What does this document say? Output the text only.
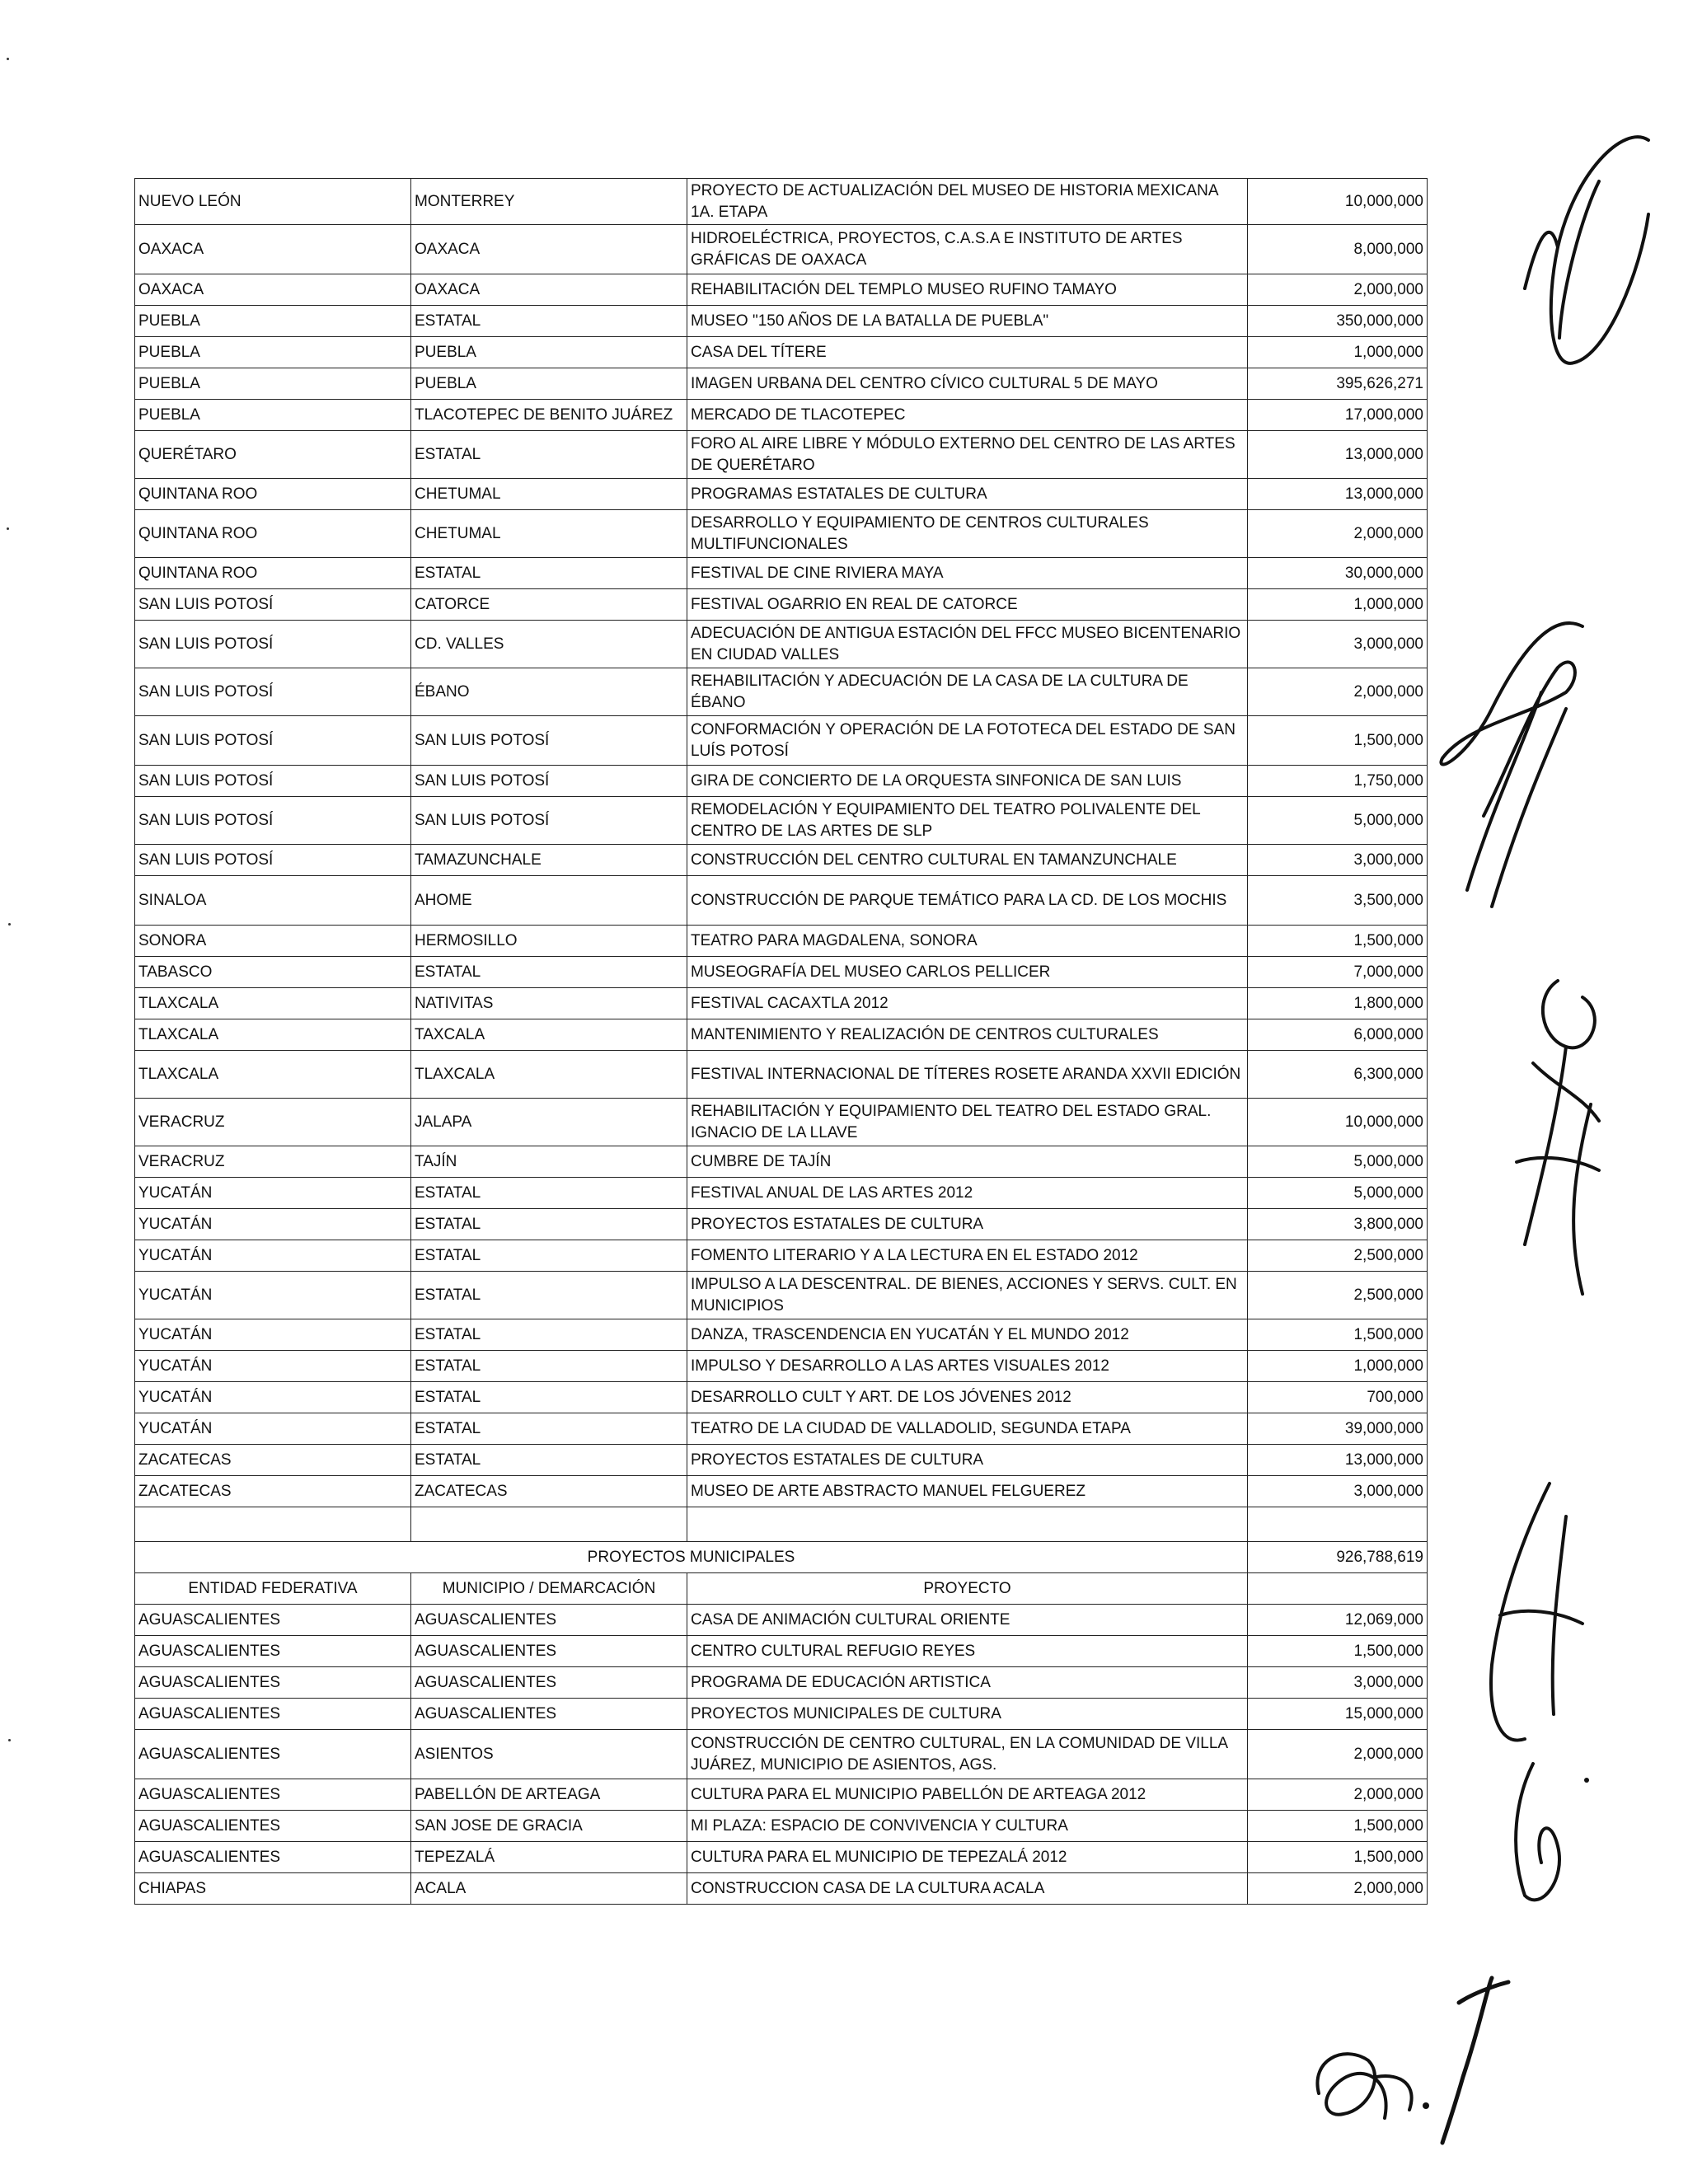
NUEVO LEÓN	MONTERREY	PROYECTO DE ACTUALIZACIÓN DEL MUSEO DE HISTORIA MEXICANA 1A. ETAPA	10,000,000
OAXACA	OAXACA	HIDROELÉCTRICA, PROYECTOS, C.A.S.A E INSTITUTO DE ARTES GRÁFICAS DE OAXACA	8,000,000
OAXACA	OAXACA	REHABILITACIÓN DEL TEMPLO MUSEO RUFINO TAMAYO	2,000,000
PUEBLA	ESTATAL	MUSEO "150 AÑOS DE LA BATALLA DE PUEBLA"	350,000,000
PUEBLA	PUEBLA	CASA DEL TÍTERE	1,000,000
PUEBLA	PUEBLA	IMAGEN URBANA DEL CENTRO CÍVICO CULTURAL 5 DE MAYO	395,626,271
PUEBLA	TLACOTEPEC DE BENITO JUÁREZ	MERCADO DE TLACOTEPEC	17,000,000
QUERÉTARO	ESTATAL	FORO AL AIRE LIBRE Y MÓDULO EXTERNO DEL CENTRO DE LAS ARTES DE QUERÉTARO	13,000,000
QUINTANA ROO	CHETUMAL	PROGRAMAS ESTATALES DE CULTURA	13,000,000
QUINTANA ROO	CHETUMAL	DESARROLLO Y EQUIPAMIENTO DE CENTROS CULTURALES MULTIFUNCIONALES	2,000,000
QUINTANA ROO	ESTATAL	FESTIVAL DE CINE RIVIERA MAYA	30,000,000
SAN LUIS POTOSÍ	CATORCE	FESTIVAL OGARRIO EN REAL DE CATORCE	1,000,000
SAN LUIS POTOSÍ	CD. VALLES	ADECUACIÓN DE ANTIGUA ESTACIÓN DEL FFCC MUSEO BICENTENARIO EN CIUDAD VALLES	3,000,000
SAN LUIS POTOSÍ	ÉBANO	REHABILITACIÓN Y ADECUACIÓN DE LA CASA DE LA CULTURA DE ÉBANO	2,000,000
SAN LUIS POTOSÍ	SAN LUIS POTOSÍ	CONFORMACIÓN Y OPERACIÓN DE LA FOTOTECA DEL ESTADO DE SAN LUÍS POTOSÍ	1,500,000
SAN LUIS POTOSÍ	SAN LUIS POTOSÍ	GIRA DE CONCIERTO DE LA ORQUESTA SINFONICA DE SAN LUIS	1,750,000
SAN LUIS POTOSÍ	SAN LUIS POTOSÍ	REMODELACIÓN Y EQUIPAMIENTO DEL TEATRO POLIVALENTE DEL CENTRO DE LAS ARTES DE SLP	5,000,000
SAN LUIS POTOSÍ	TAMAZUNCHALE	CONSTRUCCIÓN DEL CENTRO CULTURAL EN TAMANZUNCHALE	3,000,000
SINALOA	AHOME	CONSTRUCCIÓN DE PARQUE TEMÁTICO PARA LA CD. DE LOS MOCHIS	3,500,000
SONORA	HERMOSILLO	TEATRO PARA MAGDALENA, SONORA	1,500,000
TABASCO	ESTATAL	MUSEOGRAFÍA DEL MUSEO CARLOS PELLICER	7,000,000
TLAXCALA	NATIVITAS	FESTIVAL CACAXTLA 2012	1,800,000
TLAXCALA	TAXCALA	MANTENIMIENTO Y REALIZACIÓN DE CENTROS CULTURALES	6,000,000
TLAXCALA	TLAXCALA	FESTIVAL INTERNACIONAL DE TÍTERES ROSETE ARANDA XXVII EDICIÓN	6,300,000
VERACRUZ	JALAPA	REHABILITACIÓN Y EQUIPAMIENTO DEL TEATRO DEL ESTADO GRAL. IGNACIO DE LA LLAVE	10,000,000
VERACRUZ	TAJÍN	CUMBRE DE TAJÍN	5,000,000
YUCATÁN	ESTATAL	FESTIVAL ANUAL DE LAS ARTES 2012	5,000,000
YUCATÁN	ESTATAL	PROYECTOS ESTATALES DE CULTURA	3,800,000
YUCATÁN	ESTATAL	FOMENTO LITERARIO Y A LA LECTURA EN EL ESTADO 2012	2,500,000
YUCATÁN	ESTATAL	IMPULSO A LA DESCENTRAL. DE BIENES, ACCIONES Y SERVS. CULT. EN MUNICIPIOS	2,500,000
YUCATÁN	ESTATAL	DANZA, TRASCENDENCIA EN YUCATÁN Y EL MUNDO 2012	1,500,000
YUCATÁN	ESTATAL	IMPULSO Y DESARROLLO A LAS ARTES VISUALES 2012	1,000,000
YUCATÁN	ESTATAL	DESARROLLO CULT Y ART. DE LOS JÓVENES 2012	700,000
YUCATÁN	ESTATAL	TEATRO DE LA CIUDAD DE VALLADOLID, SEGUNDA ETAPA	39,000,000
ZACATECAS	ESTATAL	PROYECTOS ESTATALES DE CULTURA	13,000,000
ZACATECAS	ZACATECAS	MUSEO DE ARTE ABSTRACTO MANUEL FELGUEREZ	3,000,000

PROYECTOS MUNICIPALES			926,788,619
ENTIDAD FEDERATIVA	MUNICIPIO / DEMARCACIÓN	PROYECTO	
AGUASCALIENTES	AGUASCALIENTES	CASA DE ANIMACIÓN CULTURAL ORIENTE	12,069,000
AGUASCALIENTES	AGUASCALIENTES	CENTRO CULTURAL REFUGIO REYES	1,500,000
AGUASCALIENTES	AGUASCALIENTES	PROGRAMA DE EDUCACIÓN ARTISTICA	3,000,000
AGUASCALIENTES	AGUASCALIENTES	PROYECTOS MUNICIPALES DE CULTURA	15,000,000
AGUASCALIENTES	ASIENTOS	CONSTRUCCIÓN DE CENTRO CULTURAL, EN LA COMUNIDAD DE VILLA JUÁREZ, MUNICIPIO DE ASIENTOS, AGS.	2,000,000
AGUASCALIENTES	PABELLÓN DE ARTEAGA	CULTURA PARA EL MUNICIPIO PABELLÓN DE ARTEAGA 2012	2,000,000
AGUASCALIENTES	SAN JOSE DE GRACIA	MI PLAZA: ESPACIO DE CONVIVENCIA Y CULTURA	1,500,000
AGUASCALIENTES	TEPEZALÁ	CULTURA PARA EL MUNICIPIO DE TEPEZALÁ 2012	1,500,000
CHIAPAS	ACALA	CONSTRUCCION CASA DE LA CULTURA ACALA	2,000,000
